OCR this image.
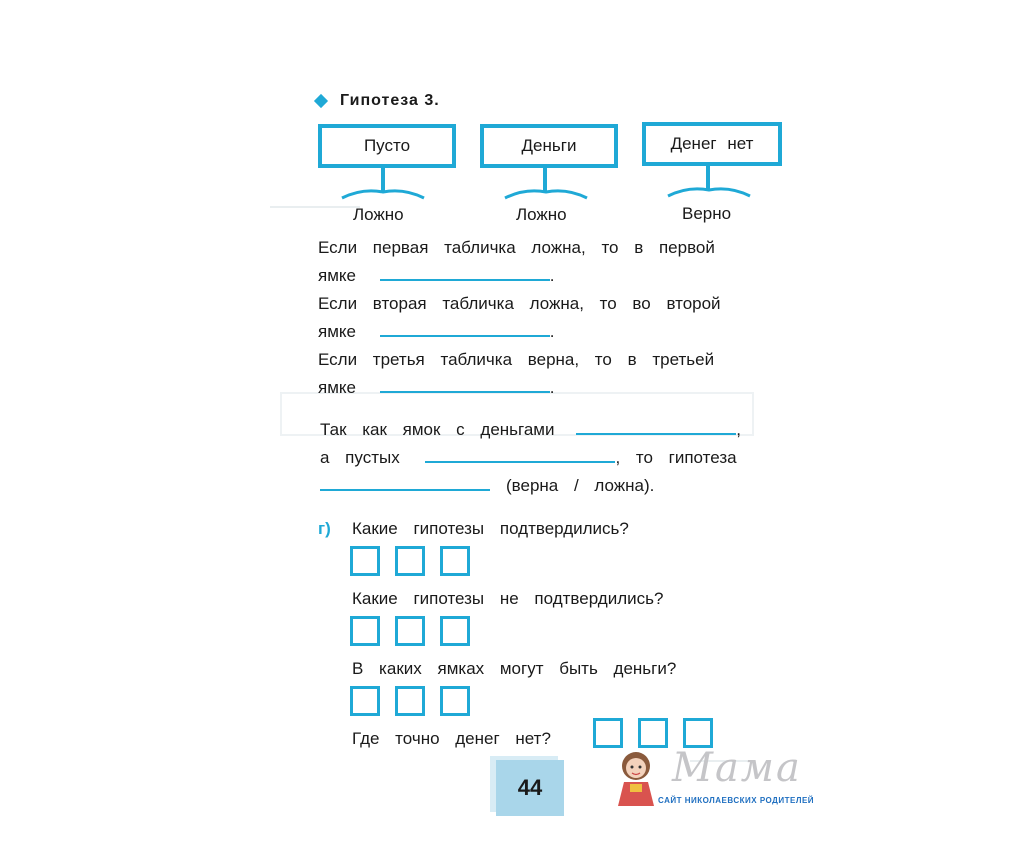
Гипотеза 3.
Пусто
Ложно
Деньги
Ложно
Денег нет
Верно
Если первая табличка ложна, то в первой
ямке	.
Если вторая табличка ложна, то во второй
ямке	.
Если третья табличка верна, то в третьей
ямке	.
Так как ямок с деньгами	,
а пустых	, то гипотеза
(верна / ложна).
г) Какие гипотезы подтвердились?
Какие гипотезы не подтвердились?
В каких ямках могут быть деньги?
Где точно денег нет?
44	Мама
САЙТ НИКОЛАЕВСКИХ РОДИТЕЛЕЙ
